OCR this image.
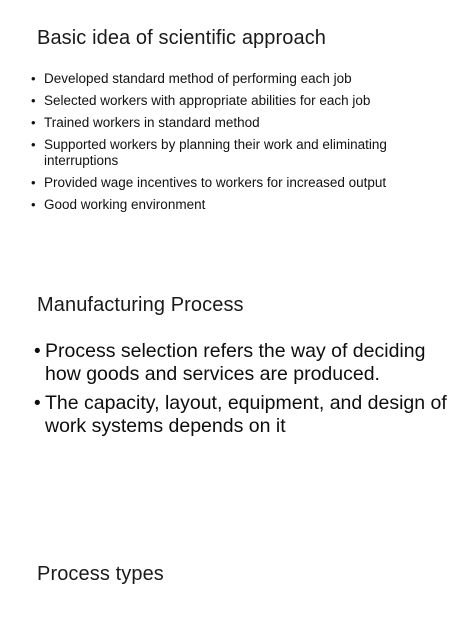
Basic idea of scientific approach
• Developed standard method of performing each job
• Selected workers with appropriate abilities for each job
• Trained workers in standard method
• Supported workers by planning their work and eliminating interruptions
• Provided wage incentives to workers for increased output
• Good working environment
Manufacturing Process
• Process selection refers the way of deciding how goods and services are produced.
• The capacity, layout, equipment, and design of work systems depends on it
Process types
